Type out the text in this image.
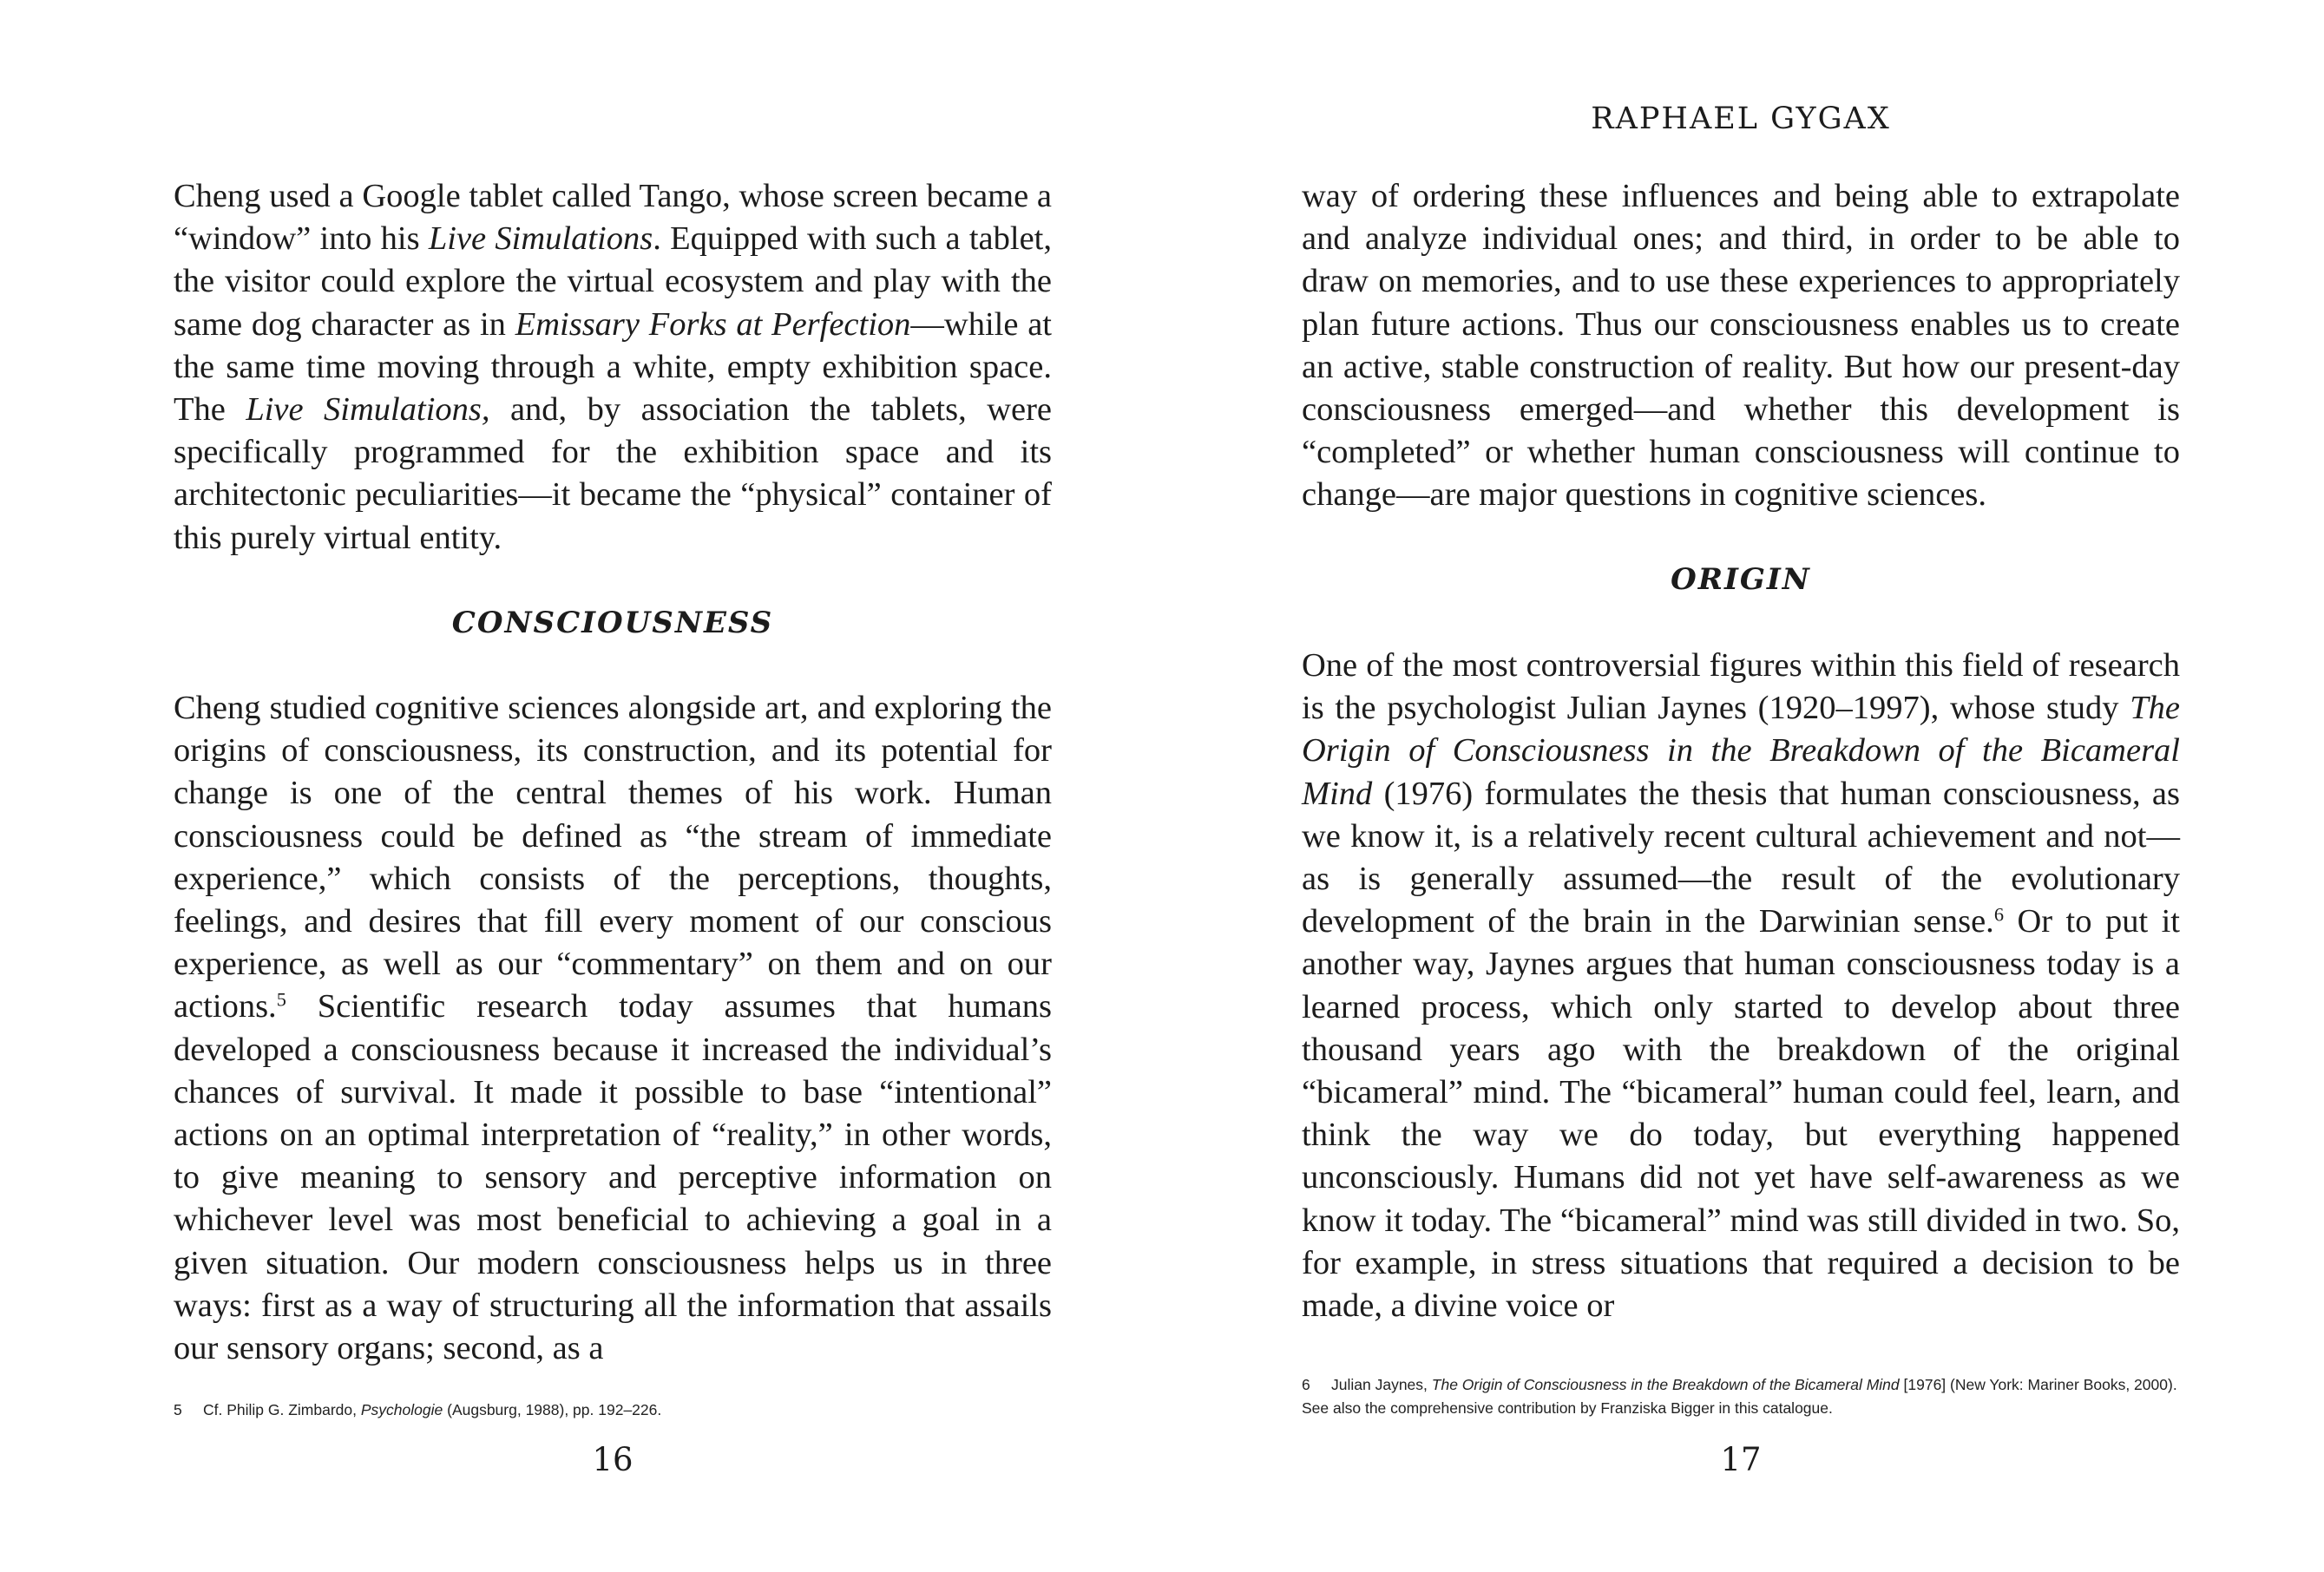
Cheng used a Google tablet called Tango, whose screen became a “window” into his Live Simulations. Equipped with such a tablet, the visitor could explore the virtual ecosystem and play with the same dog character as in Emissary Forks at Perfection—while at the same time moving through a white, empty exhibition space. The Live Simulations, and, by association the tablets, were specifically programmed for the exhibition space and its architectonic peculiarities—it became the “physical” container of this purely virtual entity.

CONSCIOUSNESS

Cheng studied cognitive sciences alongside art, and exploring the origins of consciousness, its construction, and its potential for change is one of the central themes of his work. Human consciousness could be defined as “the stream of immediate experience,” which consists of the perceptions, thoughts, feelings, and desires that fill every moment of our conscious experience, as well as our “commentary” on them and on our actions.$^5$ Scientific research today assumes that humans developed a consciousness because it increased the individual’s chances of survival. It made it possible to base “intentional” actions on an optimal interpretation of “reality,” in other words, to give meaning to sensory and perceptive information on whichever level was most beneficial to achieving a goal in a given situation. Our modern consciousness helps us in three ways: first as a way of structuring all the information that assails our sensory organs; second, as a

5 Cf. Philip G. Zimbardo, Psychologie (Augsburg, 1988), pp. 192–226.

16

RAPHAEL GYGAX

way of ordering these influences and being able to extrapolate and analyze individual ones; and third, in order to be able to draw on memories, and to use these experiences to appropriately plan future actions. Thus our consciousness enables us to create an active, stable construction of reality. But how our present-day consciousness emerged—and whether this development is “completed” or whether human consciousness will continue to change—are major questions in cognitive sciences.

ORIGIN

One of the most controversial figures within this field of research is the psychologist Julian Jaynes (1920–1997), whose study The Origin of Consciousness in the Breakdown of the Bicameral Mind (1976) formulates the thesis that human consciousness, as we know it, is a relatively recent cultural achievement and not—as is generally assumed—the result of the evolutionary development of the brain in the Darwinian sense.$^6$ Or to put it another way, Jaynes argues that human consciousness today is a learned process, which only started to develop about three thousand years ago with the breakdown of the original “bicameral” mind. The “bicameral” human could feel, learn, and think the way we do today, but everything happened unconsciously. Humans did not yet have self-awareness as we know it today. The “bicameral” mind was still divided in two. So, for example, in stress situations that required a decision to be made, a divine voice or

6 Julian Jaynes, The Origin of Consciousness in the Breakdown of the Bicameral Mind [1976] (New York: Mariner Books, 2000). See also the comprehensive contribution by Franziska Bigger in this catalogue.

17
